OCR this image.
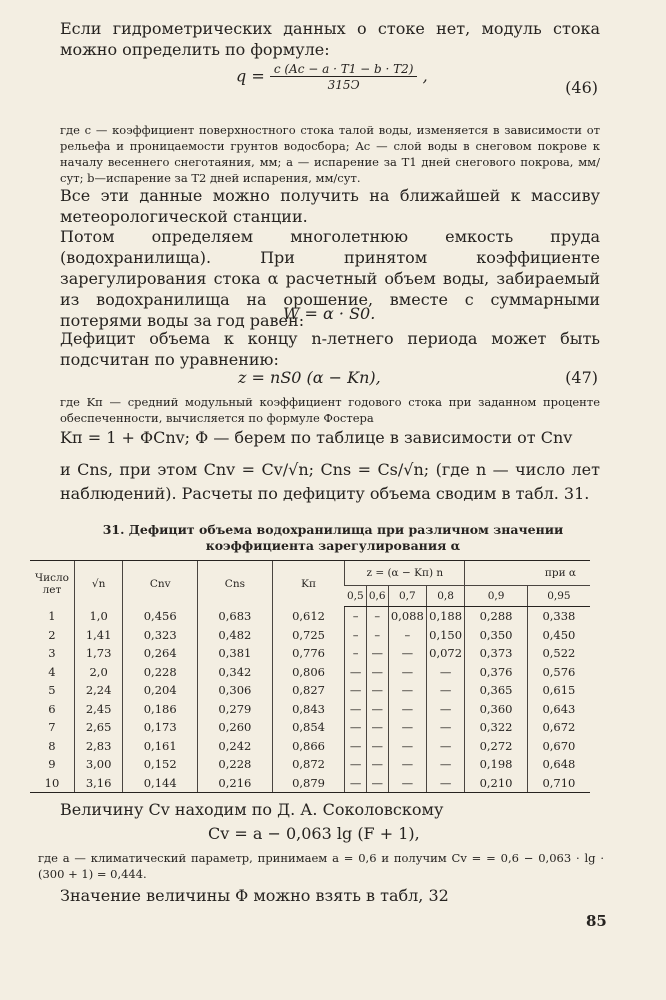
Если гидрометрических данных о стоке нет, модуль стока можно определить по формуле:
$q = \frac{c (Aс - a \cdot T1 - b \cdot T2)}{315Ͻ}$ ,
(46)
где c — коэффициент поверхностного стока талой воды, изменяется в зависимости от рельефа и проницаемости грунтов водосбора; Aс — слой воды в снеговом покрове к началу весеннего снеготаяния, мм; a — испарение за T1 дней снегового покрова, мм/сут; b—испарение за T2 дней испарения, мм/сут.
Все эти данные можно получить на ближайшей к массиву метеорологической станции.
Потом определяем многолетнюю емкость пруда (водохранилища). При принятом коэффициенте зарегулирования стока α расчетный объем воды, забираемый из водохранилища на орошение, вместе с суммарными потерями воды за год равен:
W = α · S0.
Дефицит объема к концу n-летнего периода может быть подсчитан по уравнению:
z = nS0 (α − Kп),	(47)
где Kп — средний модульный коэффициент годового стока при заданном проценте обеспеченности, вычисляется по формуле Фостера
Kп = 1 + ΦCnv; Φ — берем по таблице в зависимости от Cnv
и Cns, при этом Cnv = Cv/√n; Cns = Cs/√n; (где n — число лет наблюдений). Расчеты по дефициту объема сводим в табл. 31.
31. Дефицит объема водохранилища при различном значении
коэффициента зарегулирования α
Число лет	√n	Cnv	Cns	Kп	z = (α − Kп) n				при α	
					0,5	0,6	0,7	0,8	0,9	0,95
1	1,0	0,456	0,683	0,612	–	–	0,088	0,188	0,288	0,338
2	1,41	0,323	0,482	0,725	–	–	–	0,150	0,350	0,450
3	1,73	0,264	0,381	0,776	–	—	—	0,072	0,373	0,522
4	2,0	0,228	0,342	0,806	—	—	—	—	0,376	0,576
5	2,24	0,204	0,306	0,827	—	—	—	—	0,365	0,615
6	2,45	0,186	0,279	0,843	—	—	—	—	0,360	0,643
7	2,65	0,173	0,260	0,854	—	—	—	—	0,322	0,672
8	2,83	0,161	0,242	0,866	—	—	—	—	0,272	0,670
9	3,00	0,152	0,228	0,872	—	—	—	—	0,198	0,648
10	3,16	0,144	0,216	0,879	—	—	—	—	0,210	0,710
Величину Cv находим по Д. А. Соколовскому
Cv = a − 0,063 lg (F + 1),
где a — климатический параметр, принимаем a = 0,6 и получим Cv = = 0,6 − 0,063 · lg · (300 + 1) = 0,444.
Значение величины Φ можно взять в табл, 32
85
